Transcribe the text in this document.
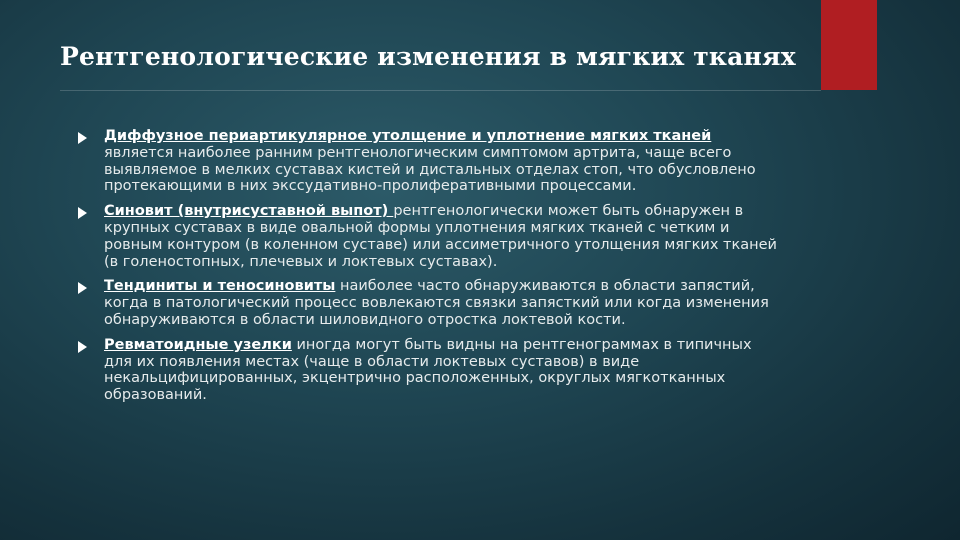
Рентгенологические изменения в мягких тканях
Диффузное периартикулярное утолщение и уплотнение мягких тканей является наиболее ранним рентгенологическим симптомом артрита, чаще всего выявляемое в мелких суставах кистей и дистальных отделах стоп, что обусловлено протекающими в них экссудативно-пролиферативными процессами.
Синовит (внутрисуставной выпот) рентгенологически может быть обнаружен в крупных суставах в виде овальной формы уплотнения мягких тканей с четким и ровным контуром (в коленном суставе) или ассиметричного утолщения мягких тканей (в голеностопных, плечевых и локтевых суставах).
Тендиниты и теносиновиты наиболее часто обнаруживаются в области запястий, когда в патологический процесс вовлекаются связки запясткий или когда изменения обнаруживаются в области шиловидного отростка локтевой кости.
Ревматоидные узелки иногда могут быть видны на рентгенограммах в типичных для их появления местах (чаще в области локтевых суставов) в виде некальцифицированных, экцентрично расположенных, округлых мягкотканных образований.
